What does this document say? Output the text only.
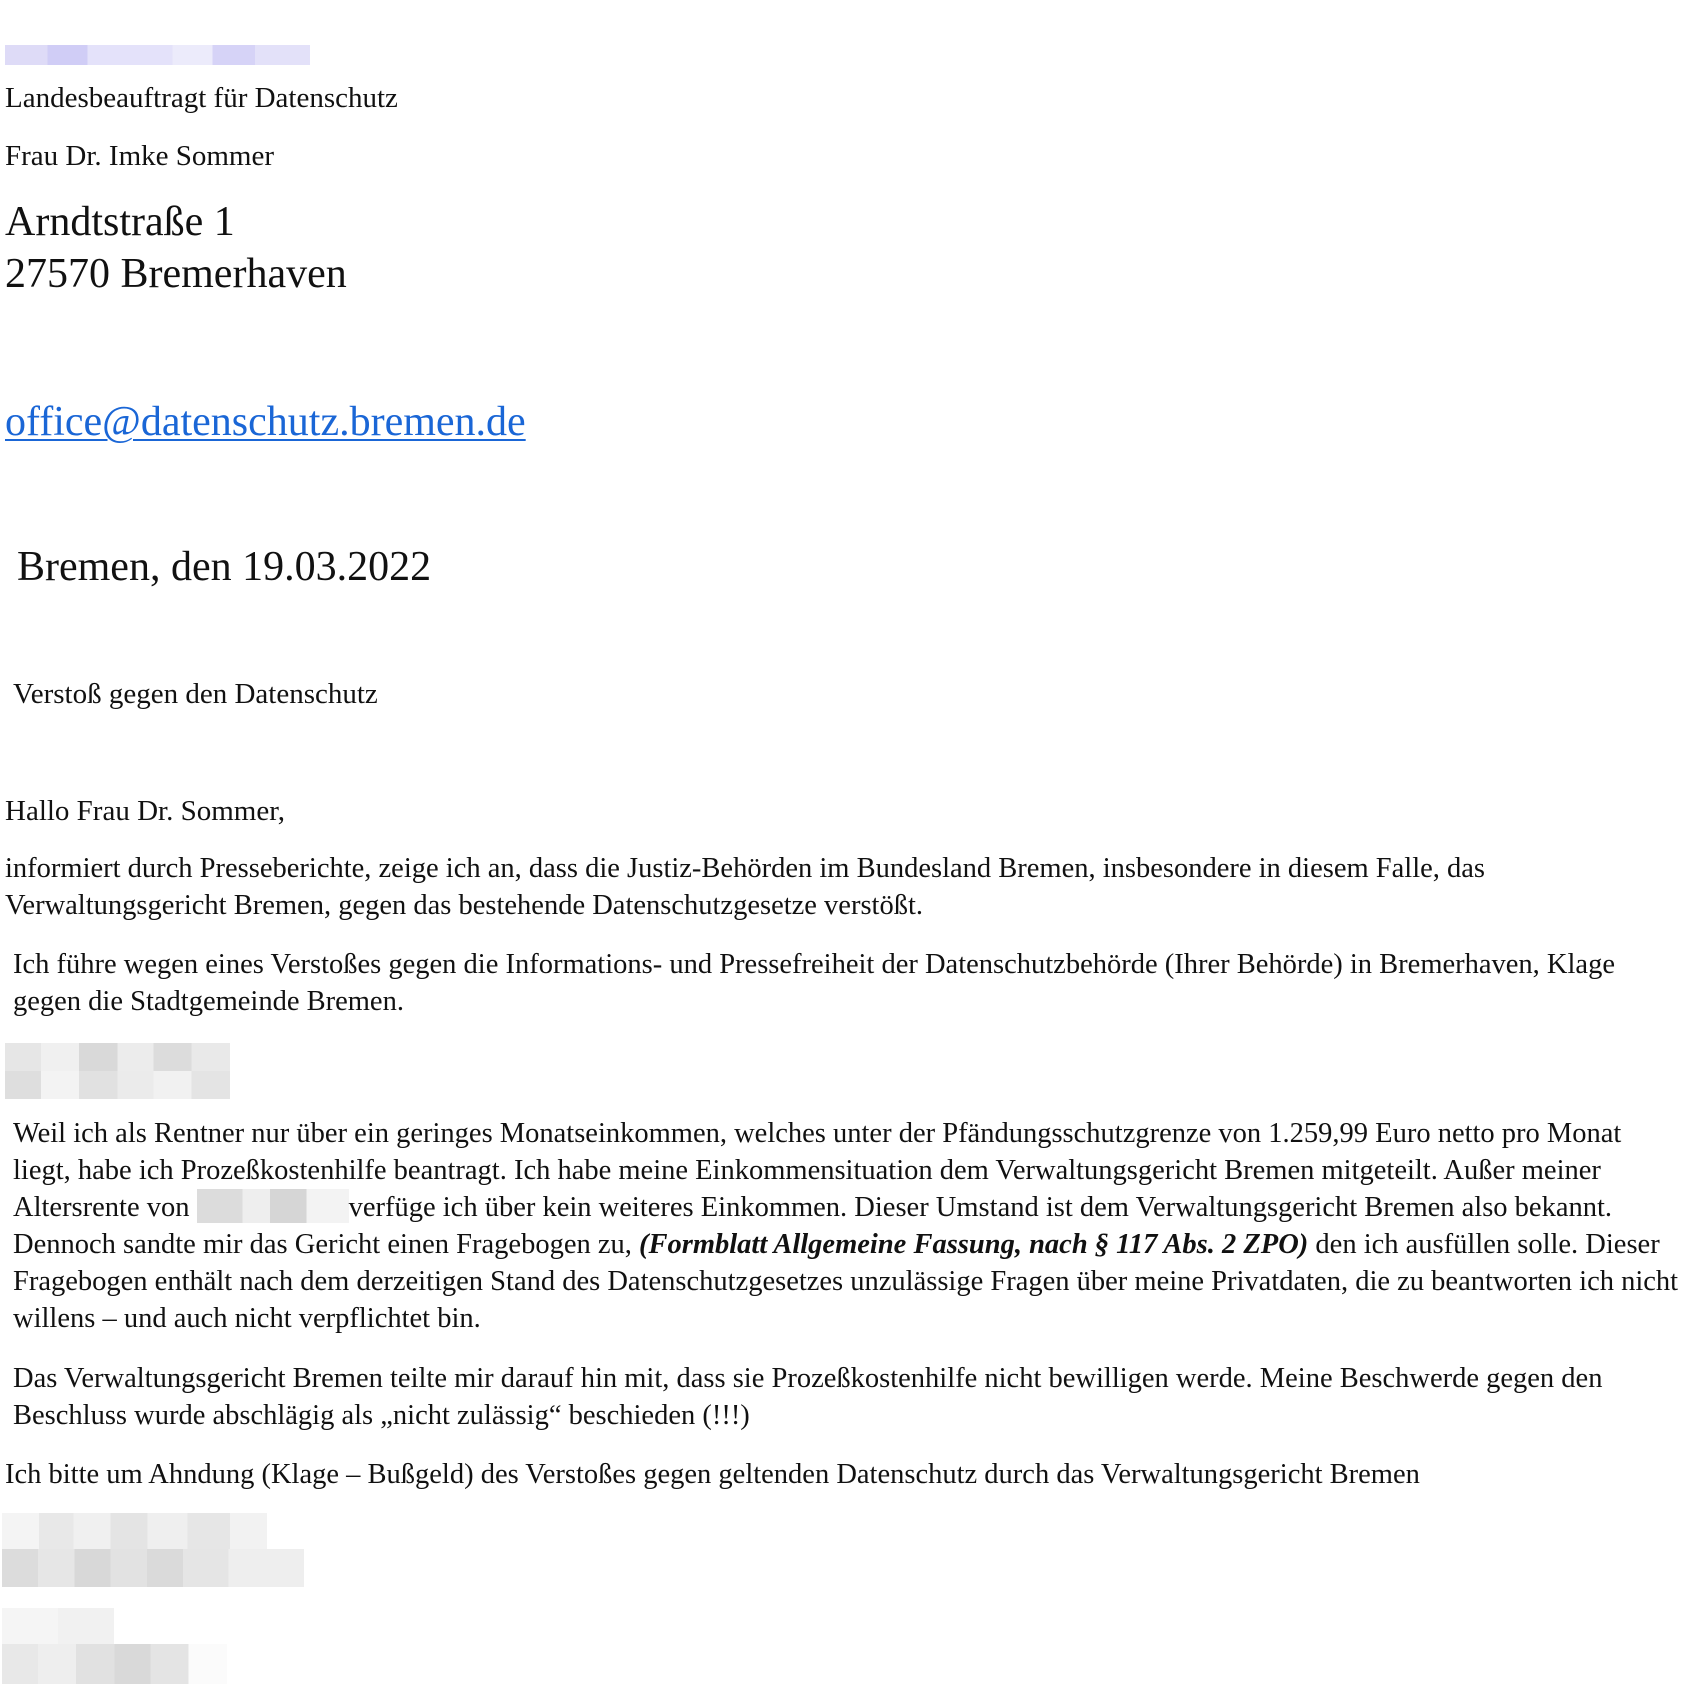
Landesbeauftragt für Datenschutz
Frau Dr. Imke Sommer
Arndtstraße 1
27570 Bremerhaven
office@datenschutz.bremen.de
Bremen, den 19.03.2022
Verstoß gegen den Datenschutz
Hallo Frau Dr. Sommer,

informiert durch Presseberichte, zeige ich an, dass die Justiz-Behörden im Bundesland Bremen, insbesondere in diesem Falle, das Verwaltungsgericht Bremen, gegen das bestehende Datenschutzgesetze verstößt.

Ich führe wegen eines Verstoßes gegen die Informations- und Pressefreiheit der Datenschutzbehörde (Ihrer Behörde) in Bremerhaven, Klage gegen die Stadtgemeinde Bremen.

Weil ich als Rentner nur über ein geringes Monatseinkommen, welches unter der Pfändungsschutzgrenze von 1.259,99 Euro netto pro Monat liegt, habe ich Prozeßkostenhilfe beantragt. Ich habe meine Einkommensituation dem Verwaltungsgericht Bremen mitgeteilt. Außer meiner Altersrente von	verfüge ich über kein weiteres Einkommen. Dieser Umstand ist dem Verwaltungsgericht Bremen also bekannt. Dennoch sandte mir das Gericht einen Fragebogen zu, (Formblatt Allgemeine Fassung, nach § 117 Abs. 2 ZPO) den ich ausfüllen solle. Dieser Fragebogen enthält nach dem derzeitigen Stand des Datenschutzgesetzes unzulässige Fragen über meine Privatdaten, die zu beantworten ich nicht willens – und auch nicht verpflichtet bin.

Das Verwaltungsgericht Bremen teilte mir darauf hin mit, dass sie Prozeßkostenhilfe nicht bewilligen werde. Meine Beschwerde gegen den Beschluss wurde abschlägig als „nicht zulässig“ beschieden (!!!)

Ich bitte um Ahndung (Klage – Bußgeld) des Verstoßes gegen geltenden Datenschutz durch das Verwaltungsgericht Bremen
